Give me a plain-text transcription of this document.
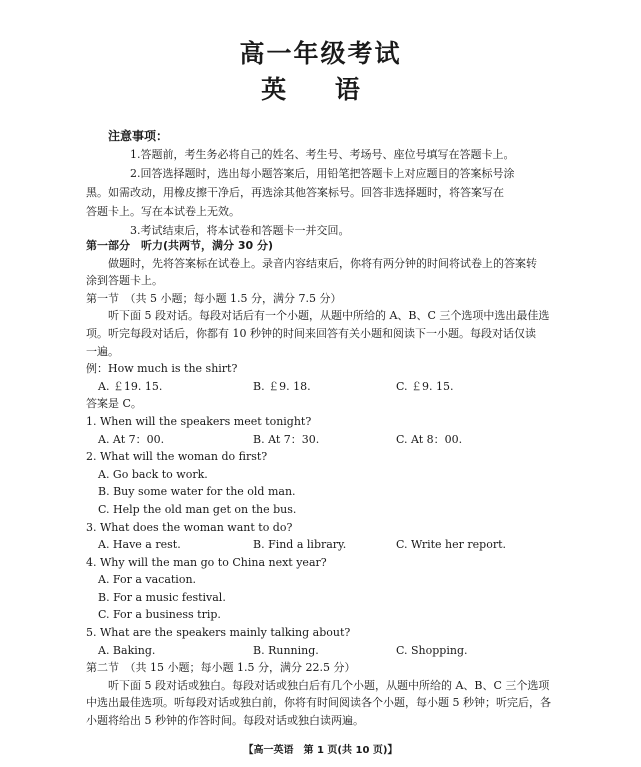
高一年级考试
英 语
注意事项：

1.答题前，考生务必将自己的姓名、考生号、考场号、座位号填写在答题卡上。

2.回答选择题时，选出每小题答案后，用铅笔把答题卡上对应题目的答案标号涂

黑。如需改动，用橡皮擦干净后，再选涂其他答案标号。回答非选择题时，将答案写在

答题卡上。写在本试卷上无效。

3.考试结束后，将本试卷和答题卡一并交回。

第一部分　听力(共两节，满分 30 分)

做题时，先将答案标在试卷上。录音内容结束后，你将有两分钟的时间将试卷上的答案转

涂到答题卡上。

第一节　（共 5 小题；每小题 1.5 分，满分 7.5 分）

听下面 5 段对话。每段对话后有一个小题，从题中所给的 A、B、C 三个选项中选出最佳选

项。听完每段对话后，你都有 10 秒钟的时间来回答有关小题和阅读下一小题。每段对话仅读

一遍。

例：How much is the shirt?

A. ￡19. 15.	B. ￡9. 18.	C. ￡9. 15.

答案是 C。

1. When will the speakers meet tonight?

A. At 7：00.	B. At 7：30.	C. At 8：00.

2. What will the woman do first?

A. Go back to work.

B. Buy some water for the old man.

C. Help the old man get on the bus.

3. What does the woman want to do?

A. Have a rest.	B. Find a library.	C. Write her report.

4. Why will the man go to China next year?

A. For a vacation.

B. For a music festival.

C. For a business trip.

5. What are the speakers mainly talking about?

A. Baking.	B. Running.	C. Shopping.

第二节　（共 15 小题；每小题 1.5 分，满分 22.5 分）

听下面 5 段对话或独白。每段对话或独白后有几个小题，从题中所给的 A、B、C 三个选项

中选出最佳选项。听每段对话或独白前，你将有时间阅读各个小题，每小题 5 秒钟；听完后，各

小题将给出 5 秒钟的作答时间。每段对话或独白读两遍。

【高一英语　第 1 页(共 10 页)】
